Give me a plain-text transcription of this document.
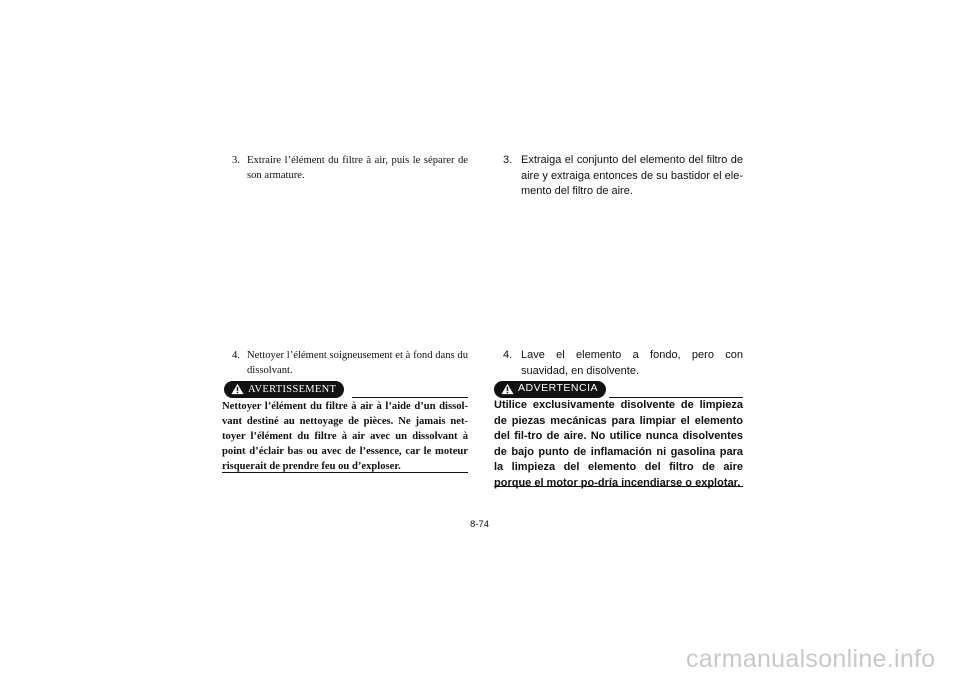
3. Extraire l’élément du filtre à air, puis le séparer de son armature.
4. Nettoyer l’élément soigneusement et à fond dans du dissolvant.
AVERTISSEMENT
Nettoyer l’élément du filtre à air à l’aide d’un dissol-vant destiné au nettoyage de pièces. Ne jamais net-toyer l’élément du filtre à air avec un dissolvant à point d’éclair bas ou avec de l’essence, car le moteur risquerait de prendre feu ou d’exploser.
3. Extraiga el conjunto del elemento del filtro de aire y extraiga entonces de su bastidor el ele-mento del filtro de aire.
4. Lave el elemento a fondo, pero con suavidad, en disolvente.
ADVERTENCIA
Utilice exclusivamente disolvente de limpieza de piezas mecánicas para limpiar el elemento del fil-tro de aire. No utilice nunca disolventes de bajo punto de inflamación ni gasolina para la limpieza del elemento del filtro de aire porque el motor po-dría incendiarse o explotar.
8-74
carmanualsonline.info
